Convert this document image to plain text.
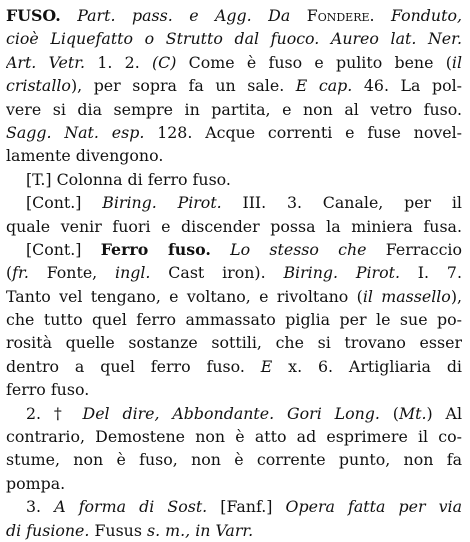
FUSO. Part. pass. e Agg. Da Fondere. Fonduto,
cioè Liquefatto o Strutto dal fuoco. Aureo lat. Ner.
Art. Vetr. 1. 2. (C) Come è fuso e pulito bene (il
cristallo), per sopra fa un sale. E cap. 46. La pol-
vere si dia sempre in partita, e non al vetro fuso.
Sagg. Nat. esp. 128. Acque correnti e fuse novel-
lamente divengono.
[T.] Colonna di ferro fuso.
[Cont.] Biring. Pirot. III. 3. Canale, per il
quale venir fuori e discender possa la miniera fusa.
[Cont.] Ferro fuso. Lo stesso che Ferraccio
(fr. Fonte, ingl. Cast iron). Biring. Pirot. I. 7.
Tanto vel tengano, e voltano, e rivoltano (il massello),
che tutto quel ferro ammassato piglia per le sue po-
rosità quelle sostanze sottili, che si trovano esser
dentro a quel ferro fuso. E x. 6. Artigliaria di
ferro fuso.
2. † Del dire, Abbondante. Gori Long. (Mt.) Al
contrario, Demostene non è atto ad esprimere il co-
stume, non è fuso, non è corrente punto, non fa
pompa.
3. A forma di Sost. [Fanf.] Opera fatta per via
di fusione. Fusus s. m., in Varr.
